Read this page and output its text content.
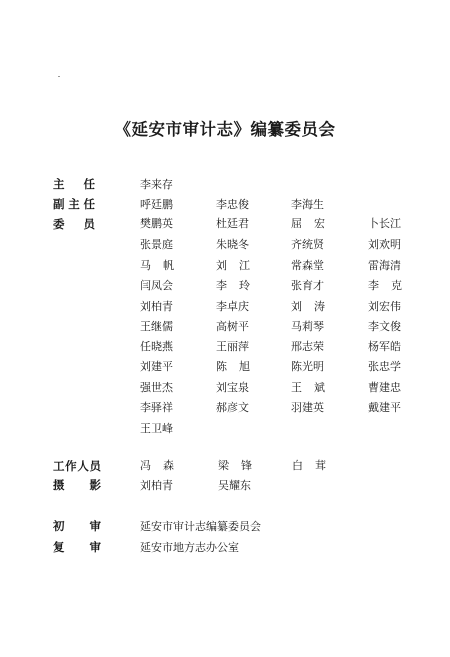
《延安市审计志》编纂委员会
主 任	李来存
副 主 任	呼廷鹏	李忠俊	李海生
委 员	樊鹏英	杜廷君	屈 宏	卜长江
张景庭	朱晓冬	齐统贤	刘欢明
马 帆	刘 江	常森堂	雷海清
闫凤会	李 玲	张育才	李 克
刘柏青	李卓庆	刘 涛	刘宏伟
王继儒	高树平	马莉琴	李文俊
任晓燕	王丽萍	邢志荣	杨军皓
刘建平	陈 旭	陈光明	张忠学
强世杰	刘宝泉	王 斌	曹建忠
李驿祥	郝彦文	羽建英	戴建平
王卫峰
工 作 人 员	冯 森	梁 锋	白 茸
摄 影	刘柏青	吴耀东
初 审	延安市审计志编纂委员会
复 审	延安市地方志办公室
